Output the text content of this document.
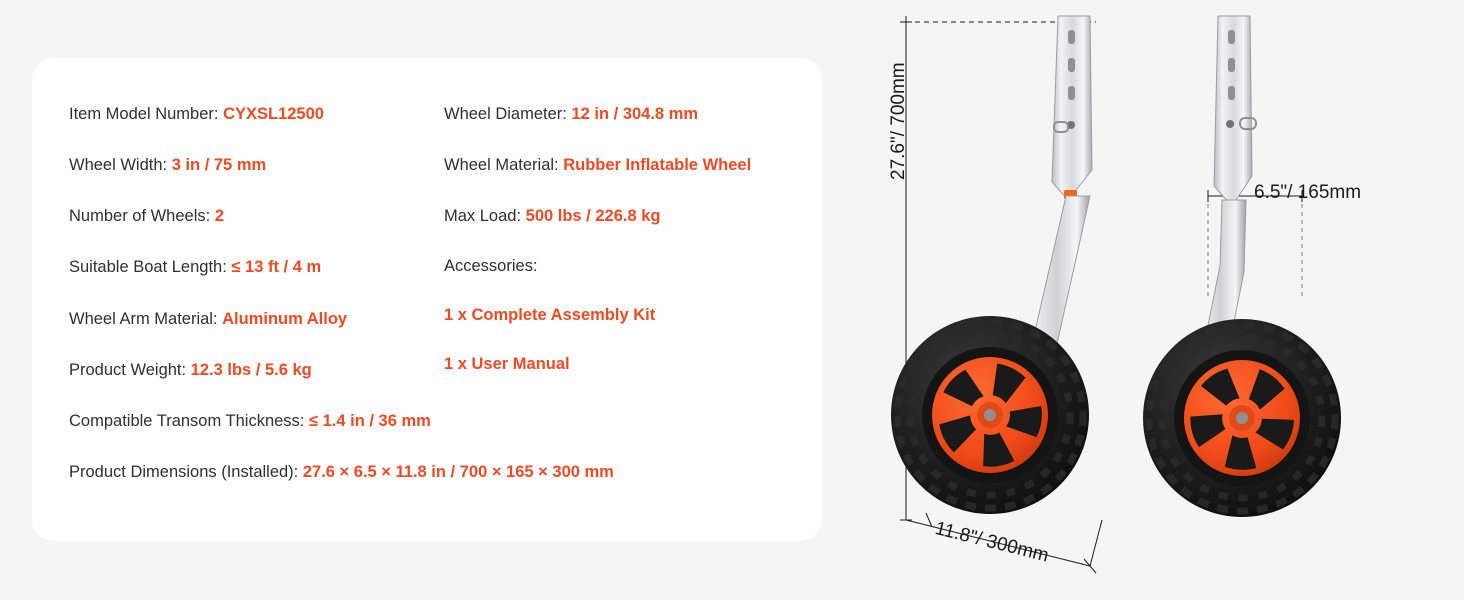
Item Model Number: CYXSL12500
Wheel Width: 3 in / 75 mm
Number of Wheels: 2
Suitable Boat Length: ≤ 13 ft / 4 m
Wheel Arm Material: Aluminum Alloy
Product Weight: 12.3 lbs / 5.6 kg
Compatible Transom Thickness: ≤ 1.4 in / 36 mm
Product Dimensions (Installed): 27.6 × 6.5 × 11.8 in / 700 × 165 × 300 mm
Wheel Diameter: 12 in / 304.8 mm
Wheel Material: Rubber Inflatable Wheel
Max Load: 500 lbs / 226.8 kg
Accessories:
1 x Complete Assembly Kit
1 x User Manual
27.6"/ 700mm
11.8"/ 300mm
6.5"/ 165mm
